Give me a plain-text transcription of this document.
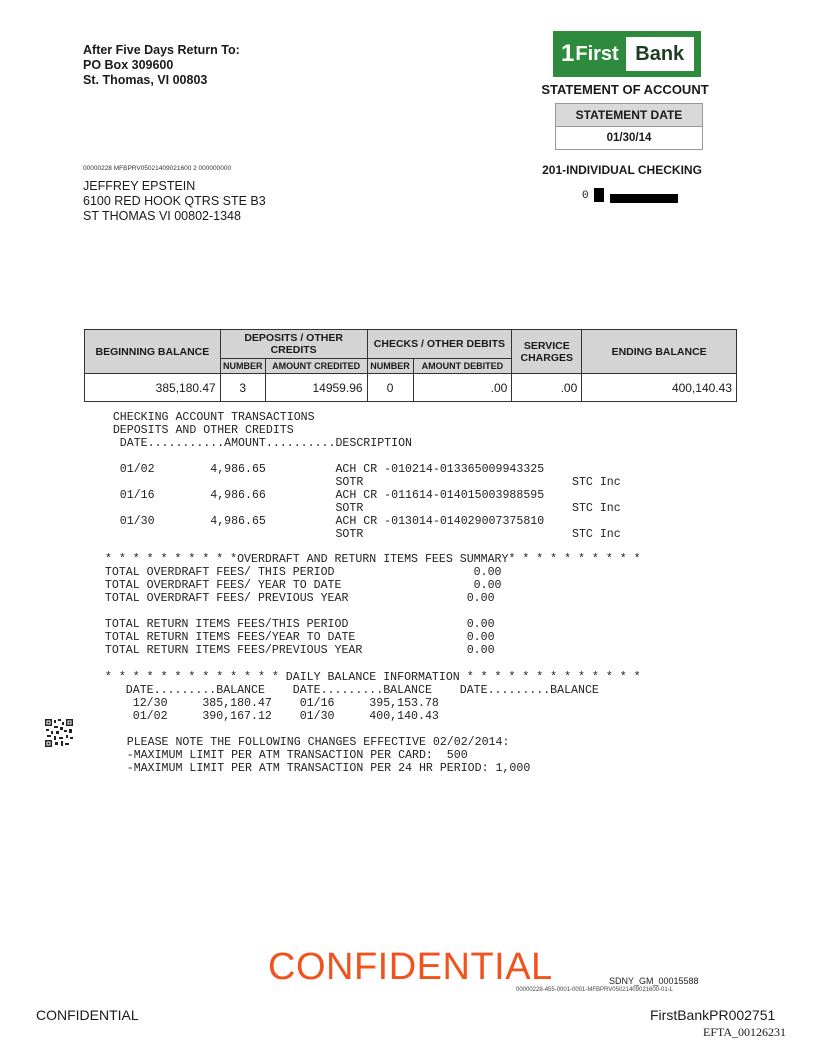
After Five Days Return To:
PO Box 309600
St. Thomas, VI 00803
1 First Bank
STATEMENT OF ACCOUNT
STATEMENT DATE
01/30/14
201-INDIVIDUAL CHECKING
0
00000228 MFBPRV05021409021600 2 000000000
JEFFREY EPSTEIN
6100 RED HOOK QTRS STE B3
ST THOMAS VI 00802-1348
BEGINNING BALANCE	DEPOSITS / OTHER CREDITS		CHECKS / OTHER DEBITS		SERVICE CHARGES	ENDING BALANCE
	NUMBER	AMOUNT CREDITED	NUMBER	AMOUNT DEBITED		
385,180.47	3	14959.96	0	.00	.00	400,140.43
CHECKING ACCOUNT TRANSACTIONS
DEPOSITS AND OTHER CREDITS
DATE...........AMOUNT..........DESCRIPTION
01/02        4,986.65          ACH CR -010214-013365009943325
SOTR                              STC Inc
01/16        4,986.66          ACH CR -011614-014015003988595
SOTR                              STC Inc
01/30        4,986.65          ACH CR -013014-014029007375810
SOTR                              STC Inc
* * * * * * * * * *OVERDRAFT AND RETURN ITEMS FEES SUMMARY* * * * * * * * * *
TOTAL OVERDRAFT FEES/ THIS PERIOD                    0.00
TOTAL OVERDRAFT FEES/ YEAR TO DATE                   0.00
TOTAL OVERDRAFT FEES/ PREVIOUS YEAR                 0.00
TOTAL RETURN ITEMS FEES/THIS PERIOD                 0.00
TOTAL RETURN ITEMS FEES/YEAR TO DATE                0.00
TOTAL RETURN ITEMS FEES/PREVIOUS YEAR               0.00
* * * * * * * * * * * * * DAILY BALANCE INFORMATION * * * * * * * * * * * * *
DATE.........BALANCE    DATE.........BALANCE    DATE.........BALANCE
12/30     385,180.47    01/16     395,153.78
01/02     390,167.12    01/30     400,140.43
PLEASE NOTE THE FOLLOWING CHANGES EFFECTIVE 02/02/2014:
-MAXIMUM LIMIT PER ATM TRANSACTION PER CARD:  500
-MAXIMUM LIMIT PER ATM TRANSACTION PER 24 HR PERIOD: 1,000
CONFIDENTIAL	SDNY_GM_00015588
00000228-455-0001-0001-MFBPRV05021409021600-01-L
CONFIDENTIAL	FirstBankPR002751
EFTA_00126231
